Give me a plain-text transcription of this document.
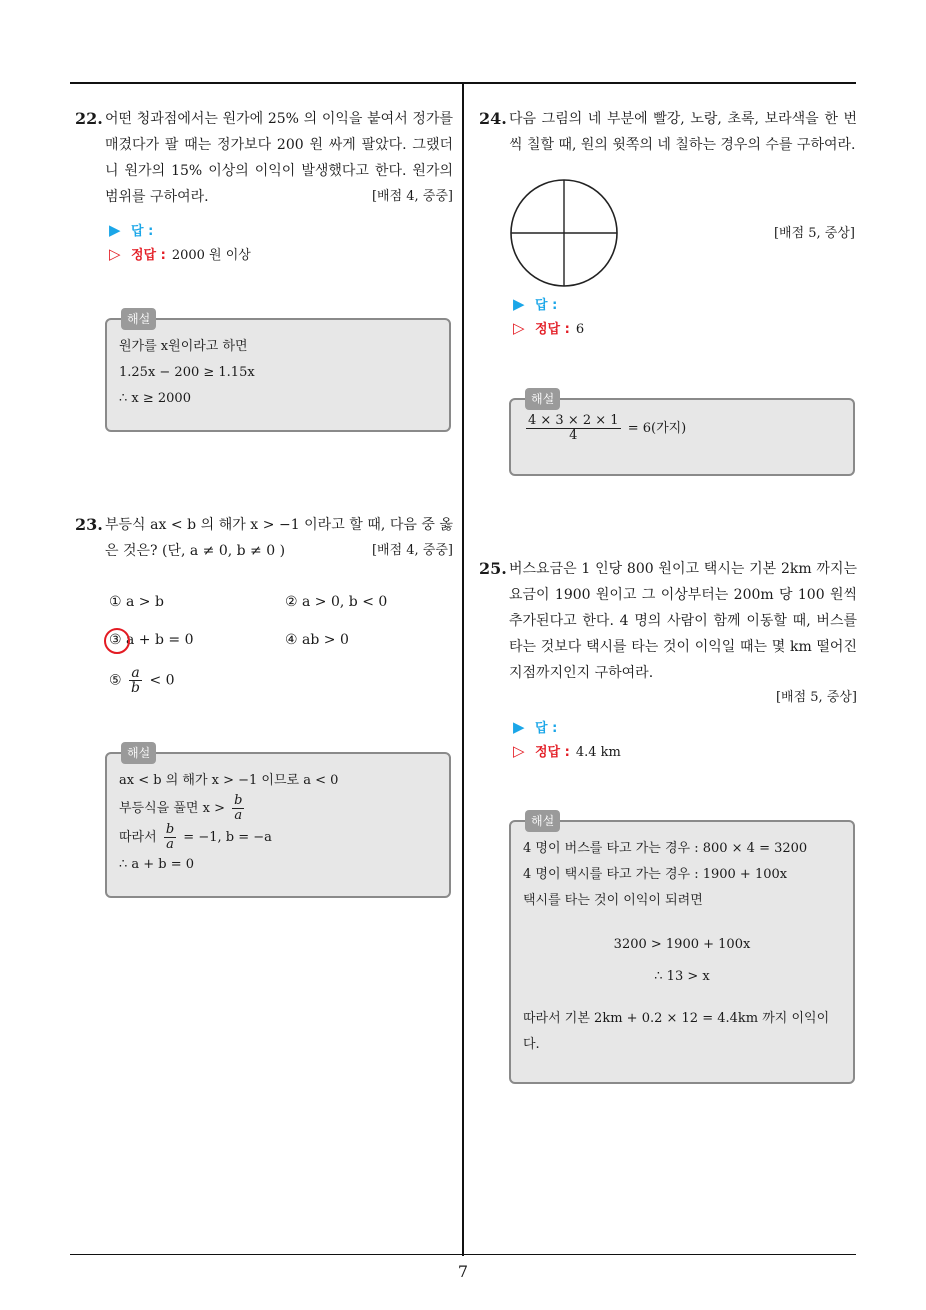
7

22. 어떤 청과점에서는 원가에 25% 의 이익을 붙여서 정가를 매겼다가 팔 때는 정가보다 200 원 싸게 팔았다. 그랬더니 원가의 15% 이상의 이익이 발생했다고 한다. 원가의 범위를 구하여라.	[배점 4, 중중]

▶ 답 :
▷ 정답 : 2000 원 이상
해설

원가를 x원이라고 하면

1.25x − 200 ≥ 1.15x

∴ x ≥ 2000

23. 부등식 ax < b 의 해가 x > −1 이라고 할 때, 다음 중 옳은 것은? (단, a ≠ 0, b ≠ 0 )	[배점 4, 중중]

① a > b	② a > 0, b < 0
③ a + b = 0	④ ab > 0
⑤ $\frac{a}{b} < 0$
해설

ax < b 의 해가 x > −1 이므로 a < 0

부등식을 풀면 $x > \frac{b}{a}$

따라서 $\frac{b}{a} = -1$, b = −a

∴ a + b = 0

24. 다음 그림의 네 부분에 빨강, 노랑, 초록, 보라색을 한 번씩 칠할 때, 원의 윗쪽의 네 칠하는 경우의 수를 구하여라.

[배점 5, 중상]
▶ 답 :
▷ 정답 : 6
해설

$\frac{4 \times 3 \times 2 \times 1}{4} = 6$(가지)

25. 버스요금은 1 인당 800 원이고 택시는 기본 2km 까지는 요금이 1900 원이고 그 이상부터는 200m 당 100 원씩 추가된다고 한다. 4 명의 사람이 함께 이동할 때, 버스를 타는 것보다 택시를 타는 것이 이익일 때는 몇 km 떨어진 지점까지인지 구하여라.

[배점 5, 중상]
▶ 답 :
▷ 정답 : 4.4 km
해설

4 명이 버스를 타고 가는 경우 : 800 × 4 = 3200

4 명이 택시를 타고 가는 경우 : 1900 + 100x

택시를 타는 것이 이익이 되려면

3200 > 1900 + 100x

∴ 13 > x

따라서 기본 2km + 0.2 × 12 = 4.4km 까지 이익이다.
